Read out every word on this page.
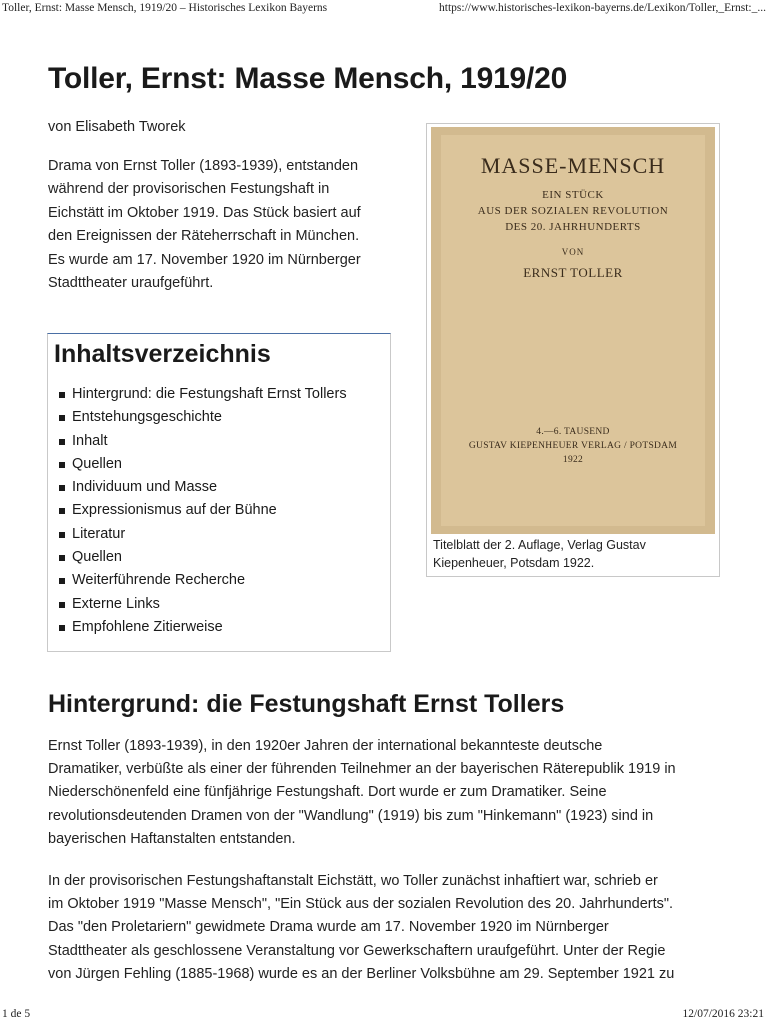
Toller, Ernst: Masse Mensch, 1919/20 – Historisches Lexikon Bayerns	https://www.historisches-lexikon-bayerns.de/Lexikon/Toller,_Ernst:_...
Toller, Ernst: Masse Mensch, 1919/20
von Elisabeth Tworek
Drama von Ernst Toller (1893-1939), entstanden
während der provisorischen Festungshaft in
Eichstätt im Oktober 1919. Das Stück basiert auf
den Ereignissen der Räteherrschaft in München.
Es wurde am 17. November 1920 im Nürnberger
Stadttheater uraufgeführt.
MASSE-MENSCH
EIN STÜCK
AUS DER SOZIALEN REVOLUTION
DES 20. JAHRHUNDERTS
VON
ERNST TOLLER
4.—6. TAUSEND
GUSTAV KIEPENHEUER VERLAG / POTSDAM
1922
Titelblatt der 2. Auflage, Verlag Gustav
Kiepenheuer, Potsdam 1922.
Inhaltsverzeichnis
Hintergrund: die Festungshaft Ernst Tollers
Entstehungsgeschichte
Inhalt
Quellen
Individuum und Masse
Expressionismus auf der Bühne
Literatur
Quellen
Weiterführende Recherche
Externe Links
Empfohlene Zitierweise
Hintergrund: die Festungshaft Ernst Tollers
Ernst Toller (1893-1939), in den 1920er Jahren der international bekannteste deutsche
Dramatiker, verbüßte als einer der führenden Teilnehmer an der bayerischen Räterepublik 1919 in
Niederschönenfeld eine fünfjährige Festungshaft. Dort wurde er zum Dramatiker. Seine
revolutionsdeutenden Dramen von der "Wandlung" (1919) bis zum "Hinkemann" (1923) sind in
bayerischen Haftanstalten entstanden.
In der provisorischen Festungshaftanstalt Eichstätt, wo Toller zunächst inhaftiert war, schrieb er
im Oktober 1919 "Masse Mensch", "Ein Stück aus der sozialen Revolution des 20. Jahrhunderts".
Das "den Proletariern" gewidmete Drama wurde am 17. November 1920 im Nürnberger
Stadttheater als geschlossene Veranstaltung vor Gewerkschaftern uraufgeführt. Unter der Regie
von Jürgen Fehling (1885-1968) wurde es an der Berliner Volksbühne am 29. September 1921 zu
1 de 5	12/07/2016 23:21
